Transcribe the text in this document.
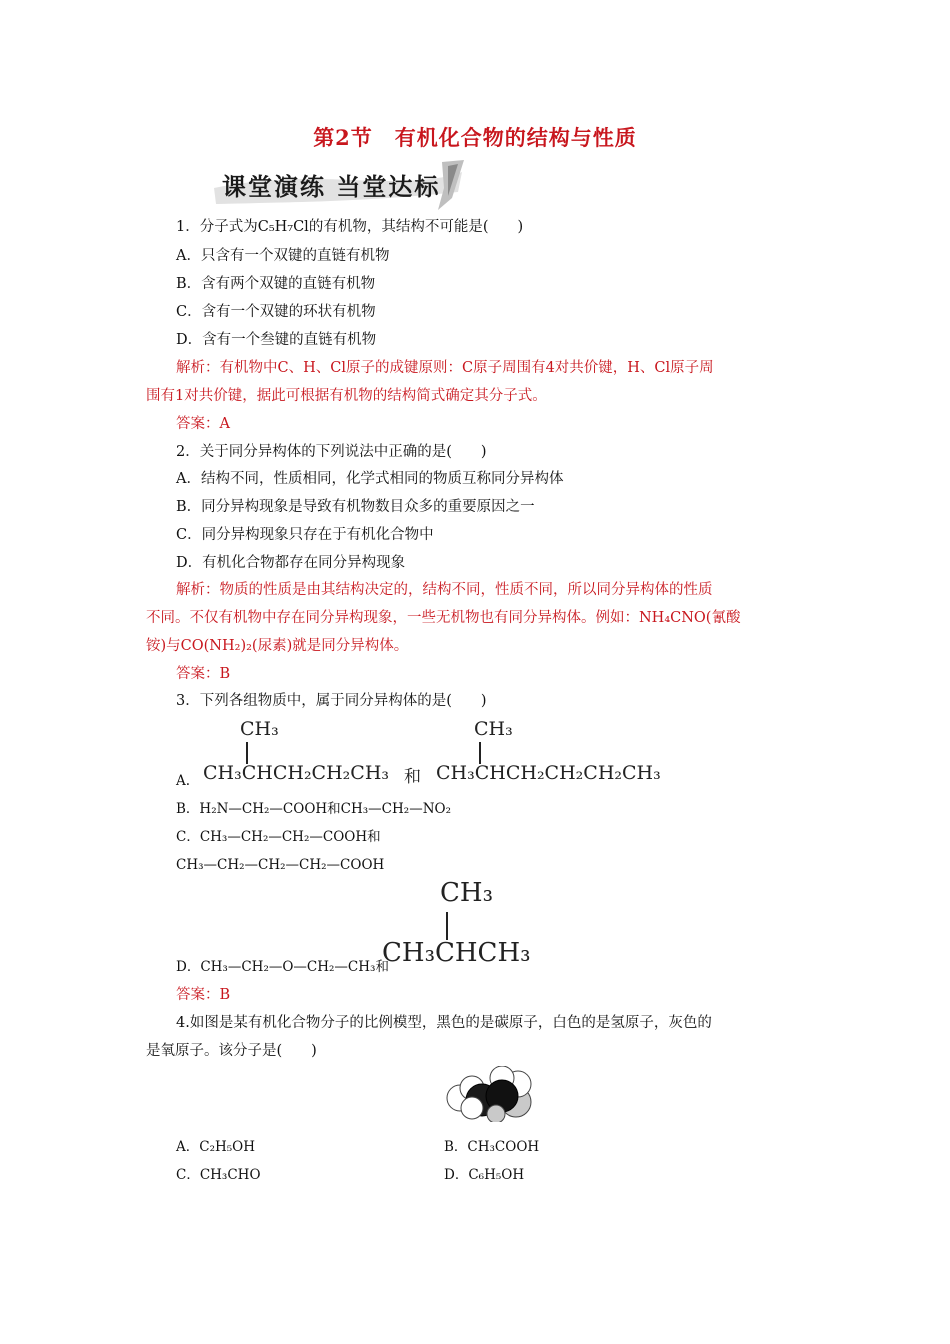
第2节　有机化合物的结构与性质
课堂演练 当堂达标
1．分子式为C₅H₇Cl的有机物，其结构不可能是(　　)
A．只含有一个双键的直链有机物
B．含有两个双键的直链有机物
C．含有一个双键的环状有机物
D．含有一个叁键的直链有机物
解析：有机物中C、H、Cl原子的成键原则：C原子周围有4对共价键，H、Cl原子周
围有1对共价键，据此可根据有机物的结构简式确定其分子式。
答案：A
2．关于同分异构体的下列说法中正确的是(　　)
A．结构不同，性质相同，化学式相同的物质互称同分异构体
B．同分异构现象是导致有机物数目众多的重要原因之一
C．同分异构现象只存在于有机化合物中
D．有机化合物都存在同分异构现象
解析：物质的性质是由其结构决定的，结构不同，性质不同，所以同分异构体的性质
不同。不仅有机物中存在同分异构现象，一些无机物也有同分异构体。例如：NH₄CNO(氰酸
铵)与CO(NH₂)₂(尿素)就是同分异构体。
答案：B
3．下列各组物质中，属于同分异构体的是(　　)
A.
CH₃
CH₃CHCH₂CH₂CH₃ 和
CH₃
CH₃CHCH₂CH₂CH₂CH₃
B．H₂N—CH₂—COOH和CH₃—CH₂—NO₂
C．CH₃—CH₂—CH₂—COOH和
CH₃—CH₂—CH₂—CH₂—COOH
CH₃
D．CH₃—CH₂—O—CH₂—CH₃和
CH₃CHCH₃
答案：B
4.如图是某有机化合物分子的比例模型，黑色的是碳原子，白色的是氢原子，灰色的
是氧原子。该分子是(　　)
A．C₂H₅OH	B．CH₃COOH
C．CH₃CHO	D．C₆H₅OH
